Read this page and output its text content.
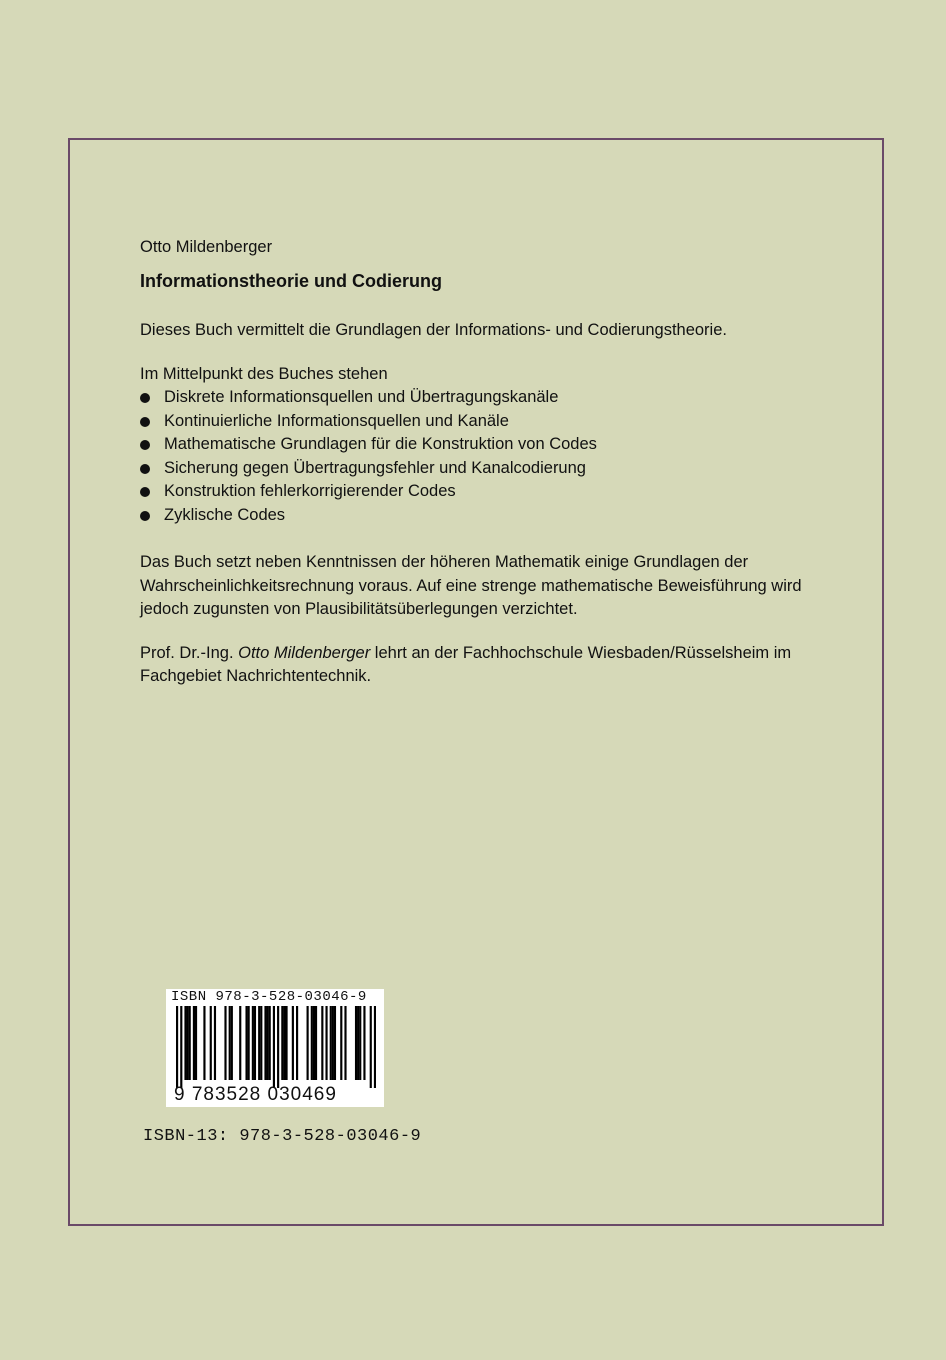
Otto Mildenberger

Informationstheorie und Codierung

Dieses Buch vermittelt die Grundlagen der Informations- und Codierungstheorie.

Im Mittelpunkt des Buches stehen

Diskrete Informationsquellen und Übertragungskanäle
Kontinuierliche Informationsquellen und Kanäle
Mathematische Grundlagen für die Konstruktion von Codes
Sicherung gegen Übertragungsfehler und Kanalcodierung
Konstruktion fehlerkorrigierender Codes
Zyklische Codes

Das Buch setzt neben Kenntnissen der höheren Mathematik einige Grundlagen der Wahrscheinlichkeitsrechnung voraus. Auf eine strenge mathematische Beweisführung wird jedoch zugunsten von Plausibilitätsüberlegungen verzichtet.

Prof. Dr.-Ing. Otto Mildenberger lehrt an der Fachhochschule Wiesbaden/Rüsselsheim im Fachgebiet Nachrichtentechnik.

ISBN 978-3-528-03046-9
9 783528 030469
ISBN-13: 978-3-528-03046-9
